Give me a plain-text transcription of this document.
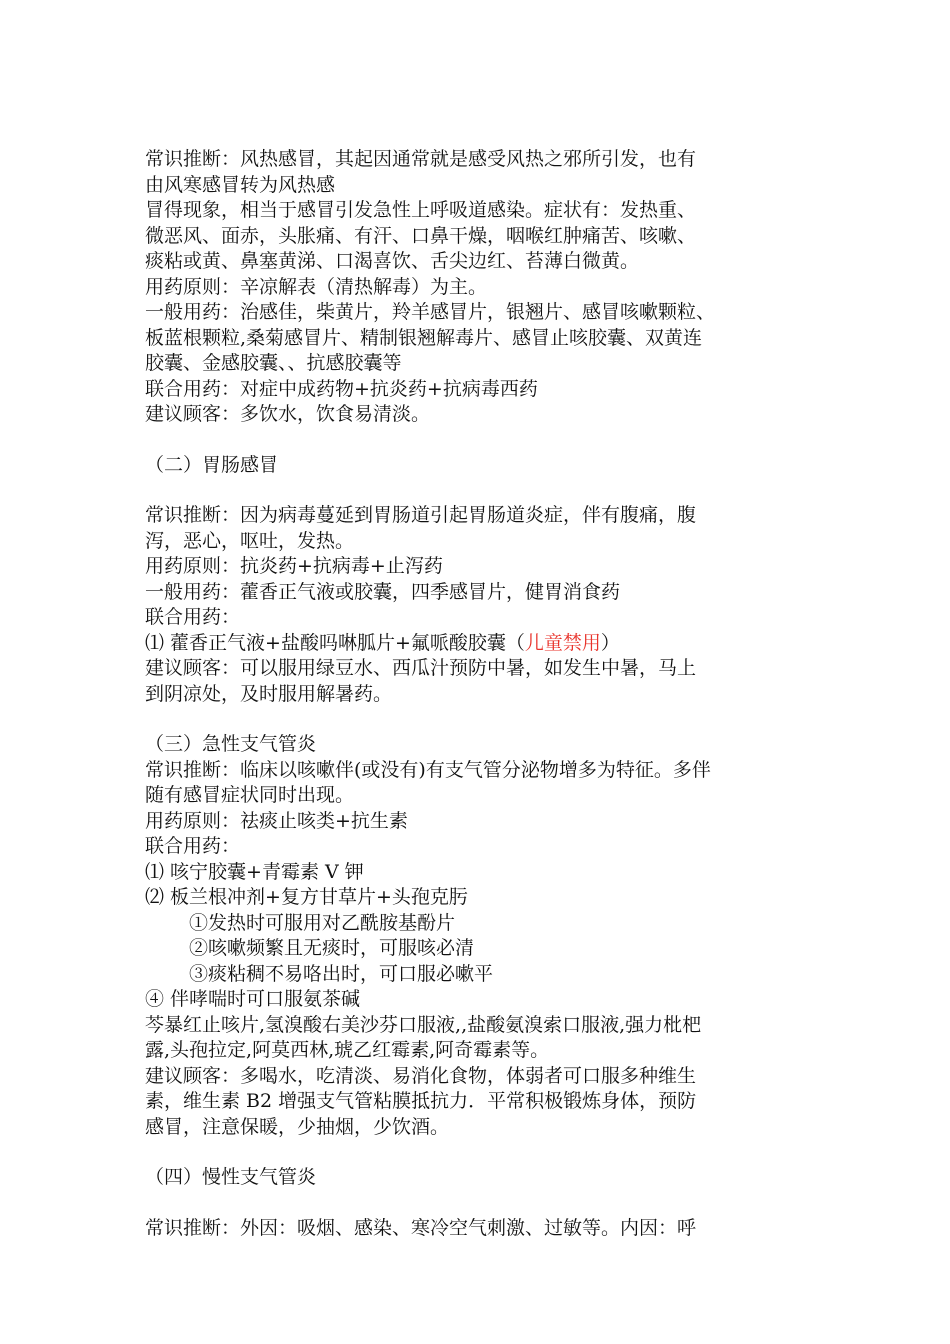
常识推断：风热感冒，其起因通常就是感受风热之邪所引发，也有
由风寒感冒转为风热感
冒得现象，相当于感冒引发急性上呼吸道感染。症状有：发热重、
微恶风、面赤，头胀痛、有汗、口鼻干燥，咽喉红肿痛苦、咳嗽、
痰粘或黄、鼻塞黄涕、口渴喜饮、舌尖边红、苔薄白微黄。
用药原则：辛凉解表（清热解毒）为主。
一般用药：治感佳，柴黄片，羚羊感冒片，银翘片、感冒咳嗽颗粒、
板蓝根颗粒,桑菊感冒片、精制银翘解毒片、感冒止咳胶囊、双黄连
胶囊、金感胶囊、、抗感胶囊等
联合用药：对症中成药物+抗炎药+抗病毒西药
建议顾客：多饮水，饮食易清淡。
（二）胃肠感冒
常识推断：因为病毒蔓延到胃肠道引起胃肠道炎症，伴有腹痛，腹
泻，恶心，呕吐，发热。
用药原则：抗炎药+抗病毒+止泻药
一般用药：藿香正气液或胶囊，四季感冒片，健胃消食药
联合用药：
⑴ 藿香正气液+盐酸吗啉胍片+氟哌酸胶囊（儿童禁用）
建议顾客：可以服用绿豆水、西瓜汁预防中暑，如发生中暑，马上
到阴凉处，及时服用解暑药。
（三）急性支气管炎
常识推断：临床以咳嗽伴(或没有)有支气管分泌物增多为特征。多伴
随有感冒症状同时出现。
用药原则：祛痰止咳类+抗生素
联合用药：
⑴ 咳宁胶囊+青霉素 V 钾
⑵ 板兰根冲剂+复方甘草片+头孢克肟
①发热时可服用对乙酰胺基酚片
②咳嗽频繁且无痰时，可服咳必清
③痰粘稠不易咯出时，可口服必嗽平
④ 伴哮喘时可口服氨茶碱
芩暴红止咳片,氢溴酸右美沙芬口服液,,盐酸氨溴索口服液,强力枇杷
露,头孢拉定,阿莫西林,琥乙红霉素,阿奇霉素等。
建议顾客：多喝水，吃清淡、易消化食物，体弱者可口服多种维生
素，维生素 B2 增强支气管粘膜抵抗力．平常积极锻炼身体，预防
感冒，注意保暖，少抽烟，少饮酒。
（四）慢性支气管炎
常识推断：外因：吸烟、感染、寒冷空气刺激、过敏等。内因：呼
